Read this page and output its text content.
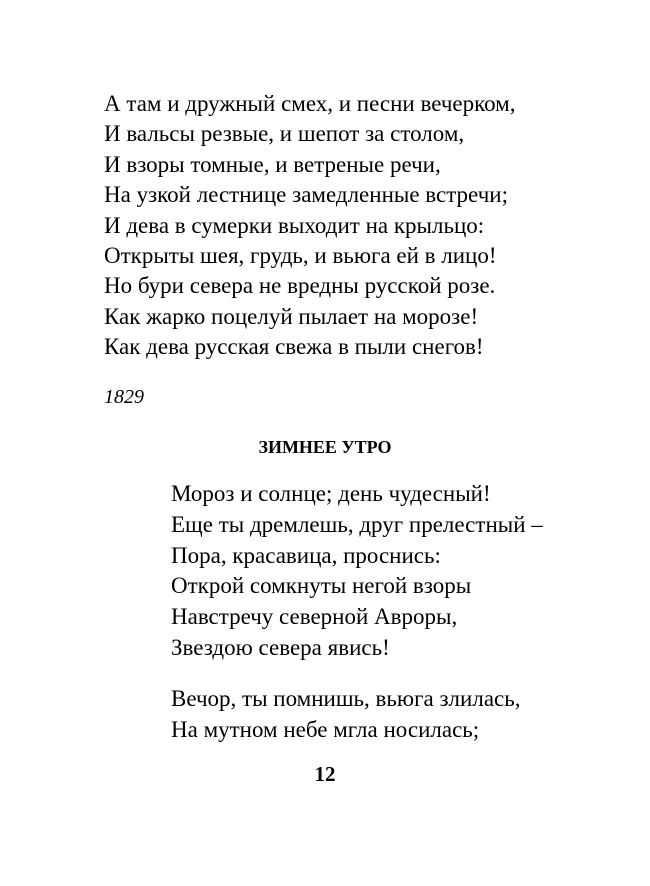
А там и дружный смех, и песни вечерком,
И вальсы резвые, и шепот за столом,
И взоры томные, и ветреные речи,
На узкой лестнице замедленные встречи;
И дева в сумерки выходит на крыльцо:
Открыты шея, грудь, и вьюга ей в лицо!
Но бури севера не вредны русской розе.
Как жарко поцелуй пылает на морозе!
Как дева русская свежа в пыли снегов!
1829
ЗИМНЕЕ УТРО
Мороз и солнце; день чудесный!
Еще ты дремлешь, друг прелестный –
Пора, красавица, проснись:
Открой сомкнуты негой взоры
Навстречу северной Авроры,
Звездою севера явись!
Вечор, ты помнишь, вьюга злилась,
На мутном небе мгла носилась;
12
